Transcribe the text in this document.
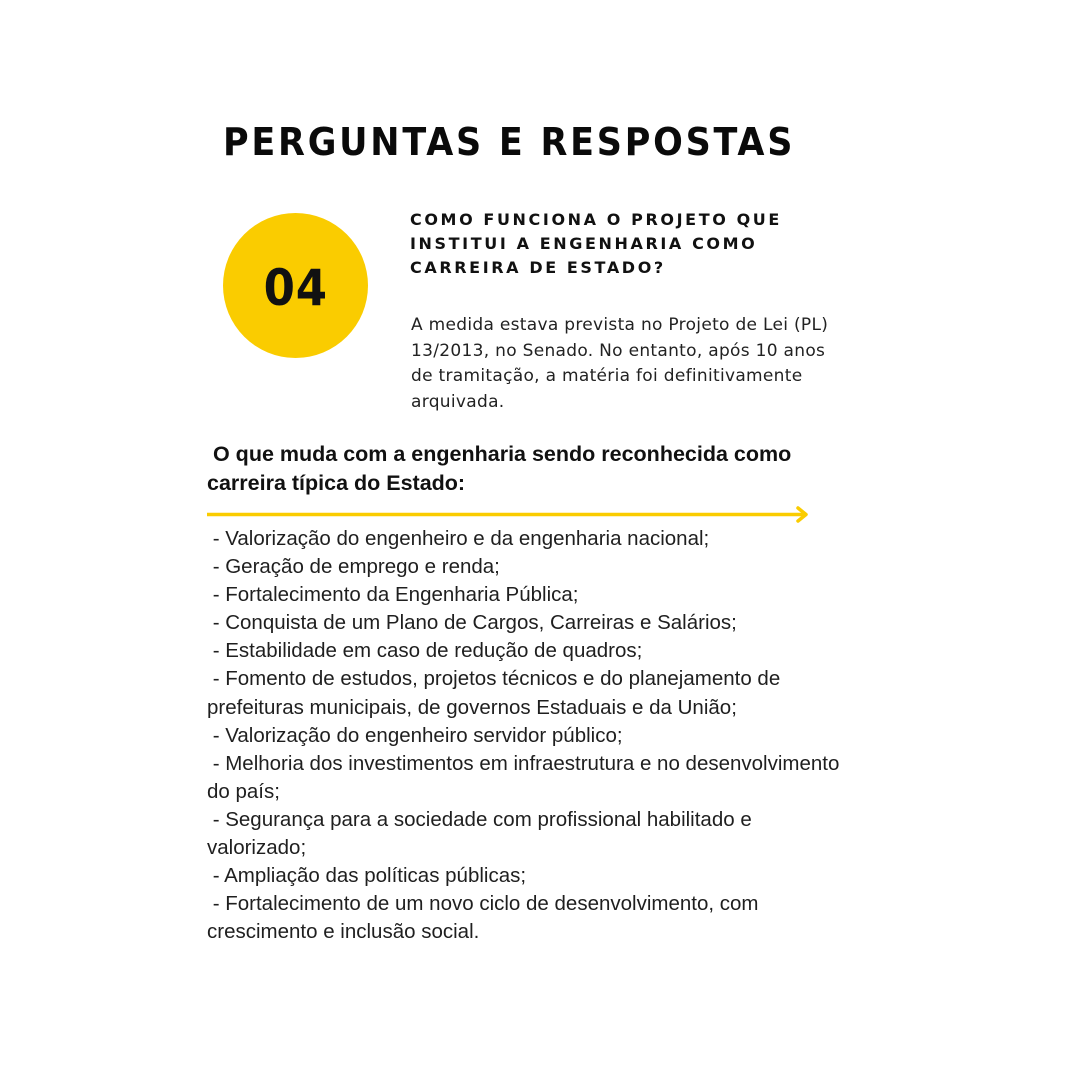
PERGUNTAS E RESPOSTAS
04
COMO FUNCIONA O PROJETO QUE INSTITUI A ENGENHARIA COMO CARREIRA DE ESTADO?
A medida estava prevista no Projeto de Lei (PL) 13/2013, no Senado. No entanto, após 10 anos de tramitação, a matéria foi definitivamente arquivada.
O que muda com a engenharia sendo reconhecida como carreira típica do Estado:
- Valorização do engenheiro e da engenharia nacional;
- Geração de emprego e renda;
- Fortalecimento da Engenharia Pública;
- Conquista de um Plano de Cargos, Carreiras e Salários;
- Estabilidade em caso de redução de quadros;
- Fomento de estudos, projetos técnicos e do planejamento de prefeituras municipais, de governos Estaduais e da União;
- Valorização do engenheiro servidor público;
- Melhoria dos investimentos em infraestrutura e no desenvolvimento do país;
- Segurança para a sociedade com profissional habilitado e valorizado;
- Ampliação das políticas públicas;
- Fortalecimento de um novo ciclo de desenvolvimento, com crescimento e inclusão social.
